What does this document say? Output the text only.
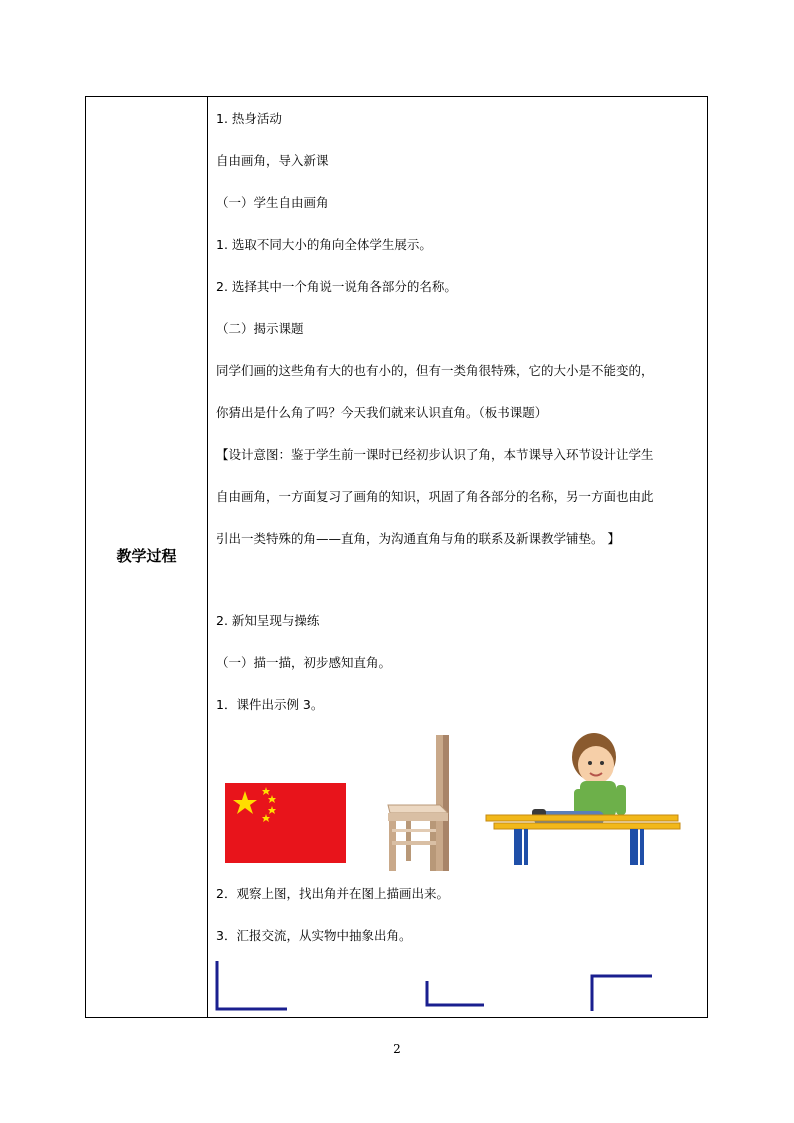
教学过程
1. 热身活动
自由画角，导入新课
（一）学生自由画角
1. 选取不同大小的角向全体学生展示。
2. 选择其中一个角说一说角各部分的名称。
（二）揭示课题
同学们画的这些角有大的也有小的，但有一类角很特殊，它的大小是不能变的，
你猜出是什么角了吗？今天我们就来认识直角。（板书课题）
【设计意图：鉴于学生前一课时已经初步认识了角，本节课导入环节设计让学生
自由画角，一方面复习了画角的知识，巩固了角各部分的名称，另一方面也由此
引出一类特殊的角——直角，为沟通直角与角的联系及新课教学铺垫。 】
2. 新知呈现与操练
（一）描一描，初步感知直角。
1．课件出示例 3。
2．观察上图，找出角并在图上描画出来。
3．汇报交流，从实物中抽象出角。
2
